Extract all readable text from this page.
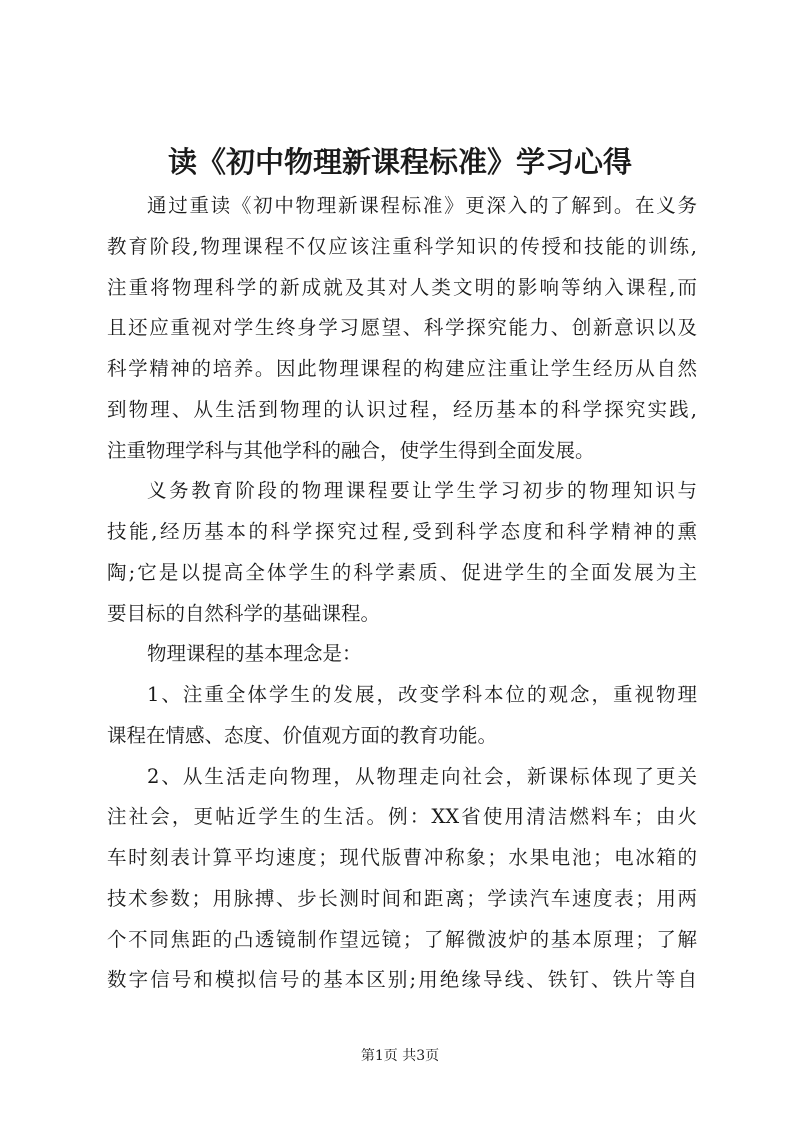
读《初中物理新课程标准》学习心得
通过重读《初中物理新课程标准》更深入的了解到。在义务
教育阶段,物理课程不仅应该注重科学知识的传授和技能的训练,
注重将物理科学的新成就及其对人类文明的影响等纳入课程,而
且还应重视对学生终身学习愿望、科学探究能力、创新意识以及
科学精神的培养。因此物理课程的构建应注重让学生经历从自然
到物理、从生活到物理的认识过程，经历基本的科学探究实践,
注重物理学科与其他学科的融合，使学生得到全面发展。
义务教育阶段的物理课程要让学生学习初步的物理知识与
技能,经历基本的科学探究过程,受到科学态度和科学精神的熏
陶;它是以提高全体学生的科学素质、促进学生的全面发展为主
要目标的自然科学的基础课程。
物理课程的基本理念是：
1、注重全体学生的发展，改变学科本位的观念，重视物理
课程在情感、态度、价值观方面的教育功能。
2、从生活走向物理，从物理走向社会，新课标体现了更关
注社会，更帖近学生的生活。例：XX省使用清洁燃料车；由火
车时刻表计算平均速度；现代版曹冲称象；水果电池；电冰箱的
技术参数；用脉搏、步长测时间和距离；学读汽车速度表；用两
个不同焦距的凸透镜制作望远镜；了解微波炉的基本原理；了解
数字信号和模拟信号的基本区别;用绝缘导线、铁钉、铁片等自
第1页 共3页
